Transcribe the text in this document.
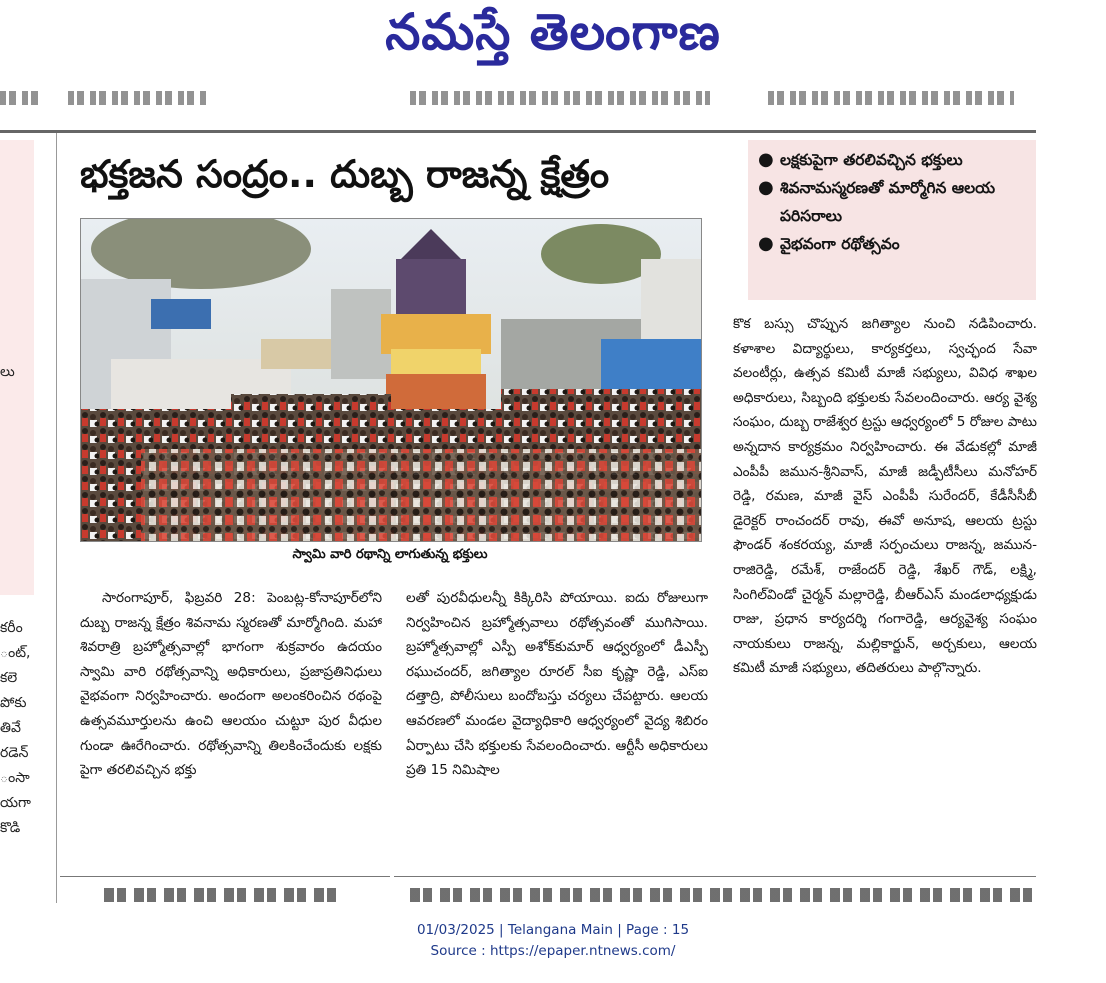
నమస్తే తెలంగాణ
లు
కరీం
ంట్,
కలె
పోకు
తివే
రడెన్
ంసా
యగా
కొడి
భక్తజన సంద్రం.. దుబ్బ రాజన్న క్షేత్రం	● లక్షకుపైగా తరలివచ్చిన భక్తులు
● శివనామస్మరణతో మార్మోగిన ఆలయ పరిసరాలు
● వైభవంగా రథోత్సవం
స్వామి వారి రథాన్ని లాగుతున్న భక్తులు

సారంగాపూర్, ఫిబ్రవరి 28: పెంబట్ల-కోనాపూర్‌లోని దుబ్బ రాజన్న క్షేత్రం శివనామ స్మరణతో మార్మోగింది. మహా శివరాత్రి బ్రహ్మోత్సవాల్లో భాగంగా శుక్రవారం ఉదయం స్వామి వారి రథోత్సవాన్ని అధికారులు, ప్రజాప్రతినిధులు వైభవంగా నిర్వహించారు. అందంగా అలంకరించిన రథంపై ఉత్సవమూర్తులను ఉంచి ఆలయం చుట్టూ పుర వీధుల గుండా ఊరేగించారు. రథోత్సవాన్ని తిలకించేందుకు లక్షకు పైగా తరలివచ్చిన భక్తు

లతో పురవీధులన్నీ కిక్కిరిసి పోయాయి. ఐదు రోజులుగా నిర్వహించిన బ్రహ్మోత్సవాలు రథోత్సవంతో ముగిసాయి. బ్రహ్మోత్సవాల్లో ఎస్పీ అశోక్‌కుమార్ ఆధ్వర్యంలో డీఎస్పీ రఘుచందర్, జగిత్యాల రూరల్ సీఐ కృష్ణా రెడ్డి, ఎస్‌ఐ దత్తాద్రి, పోలీసులు బందోబస్తు చర్యలు చేపట్టారు. ఆలయ ఆవరణలో మండల వైద్యాధికారి ఆధ్వర్యంలో వైద్య శిబిరం ఏర్పాటు చేసి భక్తులకు సేవలందించారు. ఆర్టీసీ అధికారులు ప్రతి 15 నిమిషాల

కొక బస్సు చొప్పున జగిత్యాల నుంచి నడిపించారు. కళాశాల విద్యార్థులు, కార్యకర్తలు, స్వచ్ఛంద సేవా వలంటీర్లు, ఉత్సవ కమిటీ మాజీ సభ్యులు, వివిధ శాఖల అధికారులు, సిబ్బంది భక్తులకు సేవలందించారు. ఆర్య వైశ్య సంఘం, దుబ్బ రాజేశ్వర ట్రస్టు ఆధ్వర్యంలో 5 రోజుల పాటు అన్నదాన కార్యక్రమం నిర్వహించారు. ఈ వేడుకల్లో మాజీ ఎంపీపీ జమున-శ్రీనివాస్, మాజీ జడ్పీటీసీలు మనోహర్ రెడ్డి, రమణ, మాజీ వైస్ ఎంపీపీ సురేందర్, కేడీసీసీబీ డైరెక్టర్ రాంచందర్ రావు, ఈవో అనూష, ఆలయ ట్రస్టు ఫౌండర్ శంకరయ్య, మాజీ సర్పంచులు రాజన్న, జమున-రాజిరెడ్డి, రమేశ్, రాజేందర్ రెడ్డి, శేఖర్ గౌడ్, లక్ష్మి, సింగిల్‌విండో చైర్మన్ మల్లారెడ్డి, బీఆర్‌ఎస్ మండలాధ్యక్షుడు రాజు, ప్రధాన కార్యదర్శి గంగారెడ్డి, ఆర్యవైశ్య సంఘం నాయకులు రాజన్న, మల్లికార్జున్, అర్చకులు, ఆలయ కమిటీ మాజీ సభ్యులు, తదితరులు పాల్గొన్నారు.

01/03/2025 | Telangana Main | Page : 15
Source : https://epaper.ntnews.com/
